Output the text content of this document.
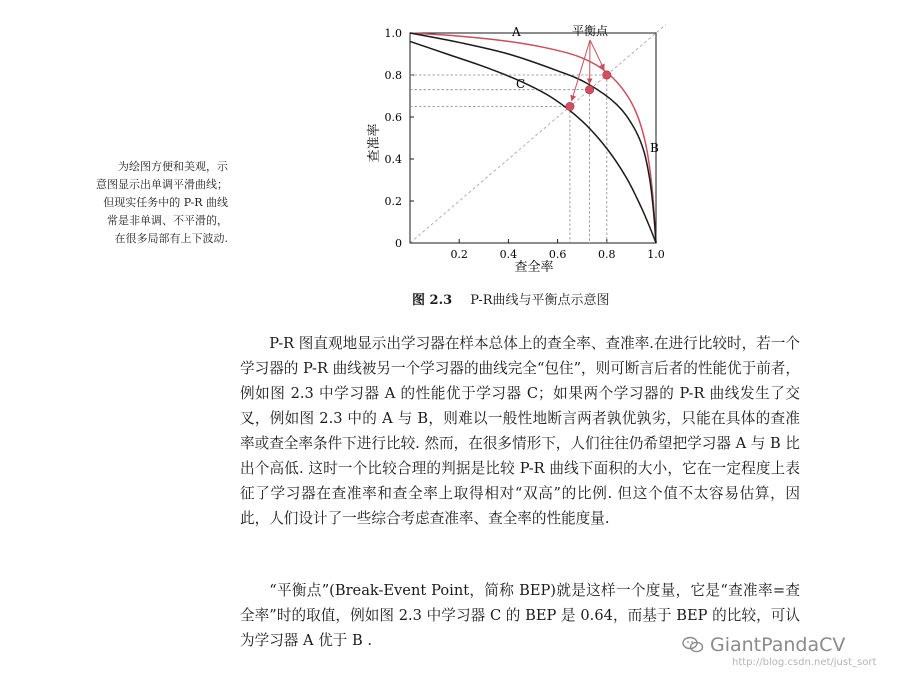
0.2	0.4	0.6	0.8	1.0
0
0.2
0.4
0.6
0.8
1.0
查准率
查全率
平衡点
A
C
B
为绘图方便和美观，示
意图显示出单调平滑曲线；
但现实任务中的 P-R 曲线
常是非单调、不平滑的，
在很多局部有上下波动.
图 2.3 P-R曲线与平衡点示意图

P-R 图直观地显示出学习器在样本总体上的查全率、查准率.在进行比较时，若一个学习器的 P-R 曲线被另一个学习器的曲线完全“包住”，则可断言后者的性能优于前者，例如图 2.3 中学习器 A 的性能优于学习器 C；如果两个学习器的 P-R 曲线发生了交叉，例如图 2.3 中的 A 与 B，则难以一般性地断言两者孰优孰劣，只能在具体的查准率或查全率条件下进行比较. 然而，在很多情形下，人们往往仍希望把学习器 A 与 B 比出个高低. 这时一个比较合理的判据是比较 P-R 曲线下面积的大小，它在一定程度上表征了学习器在查准率和查全率上取得相对“双高”的比例. 但这个值不太容易估算，因此，人们设计了一些综合考虑查准率、查全率的性能度量.

“平衡点”(Break-Event Point，简称 BEP)就是这样一个度量，它是“查准率=查全率”时的取值，例如图 2.3 中学习器 C 的 BEP 是 0.64，而基于 BEP 的比较，可认为学习器 A 优于 B .	GiantPandaCV
http://blog.csdn.net/just_sort
